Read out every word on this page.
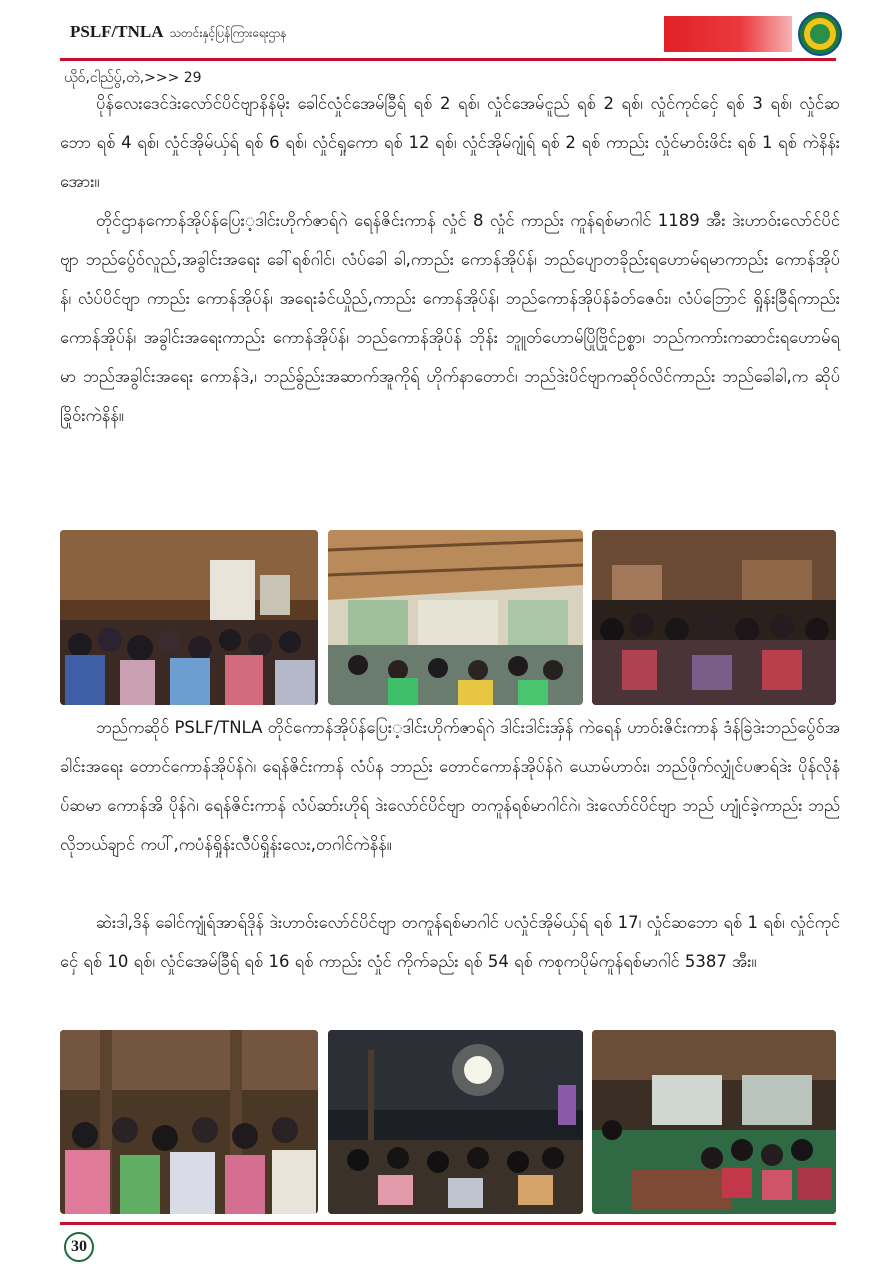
PSLF/TNLA သတင်းနှင့်ပြန်ကြားရေးဌာန
ယိုဝ်,ငါည်ပွ်,တဲ,>>> 29

ပိုန်လေးဒေင်ဒဲးလော်င်ပိင်ဗျာနိန်မိုး ခေါင်လှုံင်အေမ်ခြီရ် ရစ် 2 ရစ်၊ လှုံင်အေမ်ငူည် ရစ် 2 ရစ်၊ လှုံင်ကုင်ငှ်ေ ရစ် 3 ရစ်၊ လှုံင်ဆဘော ရစ် 4 ရစ်၊ လှုံင်အိုမ်ယှ်ရ် ရစ် 6 ရစ်၊ လှုံင်ရှုကော ရစ် 12 ရစ်၊ လှုံင်အိုမ်ဂျုံရ် ရစ် 2 ရစ် ကာည်း လှုံင်မာဝ်းဖိင်း ရစ် 1 ရစ် ကဲနိန်းအေား။

တိုင်ဌာနကောန်အိုပ်န်ပြေး့ဒါင်းဟိုက်ဇာရ်ဂဲ ရေန်ဇိင်းကာန် လှုံင် 8 လှုံင် ကာည်း ကူန်ရစ်မာဂါင် 1189 အီး ဒဲးဟာဝ်းလော်င်ပိင်ဗျာ ဘည်ပွ်ေဝ်လူည်,အခွါင်းအရေး ခေါ်ရစ်ဂါင်၊ လံပ်ခေါ ခါ,ကာည်း ကောန်အိုပ်န်၊ ဘည်ပျောတခိုည်းရဟောမ်ရမာကာည်း ကောန်အိုပ်န်၊ လံပ်ပိင်ဗျာ ကာည်း ကောန်အိုပ်န်၊ အရေးခံင်ယှိုည်,ကာည်း ကောန်အိုပ်န်၊ ဘည်ကောန်အိုပ်န်ခံတ်ဇေဝ်း၊ လံပ်ဘြောင် ရှိုန်းခြီရ်ကာည်း ကောန်အိုပ်န်၊ အခွါင်းအရေးကာည်း ကောန်အိုပ်န်၊ ဘည်ကောန်အိုပ်န် ဘိုန်း ဘူူတ်ဟောမ်ပြိုဗြိုင်ဥစ္စာ၊ ဘည်ကကာ်းကဆာင်းရဟောမ်ရမာ ဘည်အခွါင်းအရေး ကောန်ဒဲ,၊ ဘည်ခွ်ည်းအဆာက်အူကိုရ် ဟိုက်နာတောင်၊ ဘည်ဒဲးပိင်ဗျာကဆိုဝ်လိင်ကာည်း ဘည်ခေါခါ,က ဆိုပ်ခြိုဝ်းကဲနိန်။

ဘည်ကဆိုဝ် PSLF/TNLA တိုင်ကောန်အိုပ်န်ပြေး့ဒါင်းဟိုက်ဇာရ်ဂဲ ဒါင်းဒါင်းအှ်န် ကဲရေန် ဟာဝ်းဇိင်းကာန် ဒံန်ခြဲဒဲးဘည်ပွ်ေဝ်အခါင်းအရေး တောင်ကောန်အိုပ်န်ဂဲ၊ ရေန်ဇိင်းကာန် လံပ်န ဘာည်း တောင်ကောန်အိုပ်န်ဂဲ ယောမ်ဟာဝ်း၊ ဘည်ဖိုက်လျှုံင်ပဇာရ်ဒဲး ပိုန်လိုနံပ်ဆမာ ကောန်အိ ပိုန်ဂဲ၊ ရေန်ဇိင်းကာန် လံပ်ဆာ်းဟိုရ် ဒဲးလော်င်ပိင်ဗျာ တကူန်ရစ်မာဂါင်ဂဲ၊ ဒဲးလော်င်ပိင်ဗျာ ဘည် ဟျုံင်ခဲ့ကာည်း ဘည်လိုဘယ်ချာင် ကပါ်,ကပံန်ရှိုန်းလီပ်ရှိုန်းလေး,တဂါင်ကဲနိန်။

ဆဲးဒါ,ဒိန် ခေါင်ကျုံရ်အာရ်ဒိုန် ဒဲးဟာဝ်းလော်င်ပိင်ဗျာ တကူန်ရစ်မာဂါင် ပလှုံင်အိုမ်ယှ်ရ် ရစ် 17၊ လှုံင်ဆဘော ရစ် 1 ရစ်၊ လှုံင်ကုင်ငှ်ေ ရစ် 10 ရစ်၊ လှုံင်အေမ်ခြီရ် ရစ် 16 ရစ် ကာည်း လှုံင် ကိုက်ခည်း ရစ် 54 ရစ် ကစုကပိုမ်ကူန်ရစ်မာဂါင် 5387 အီး။

30
